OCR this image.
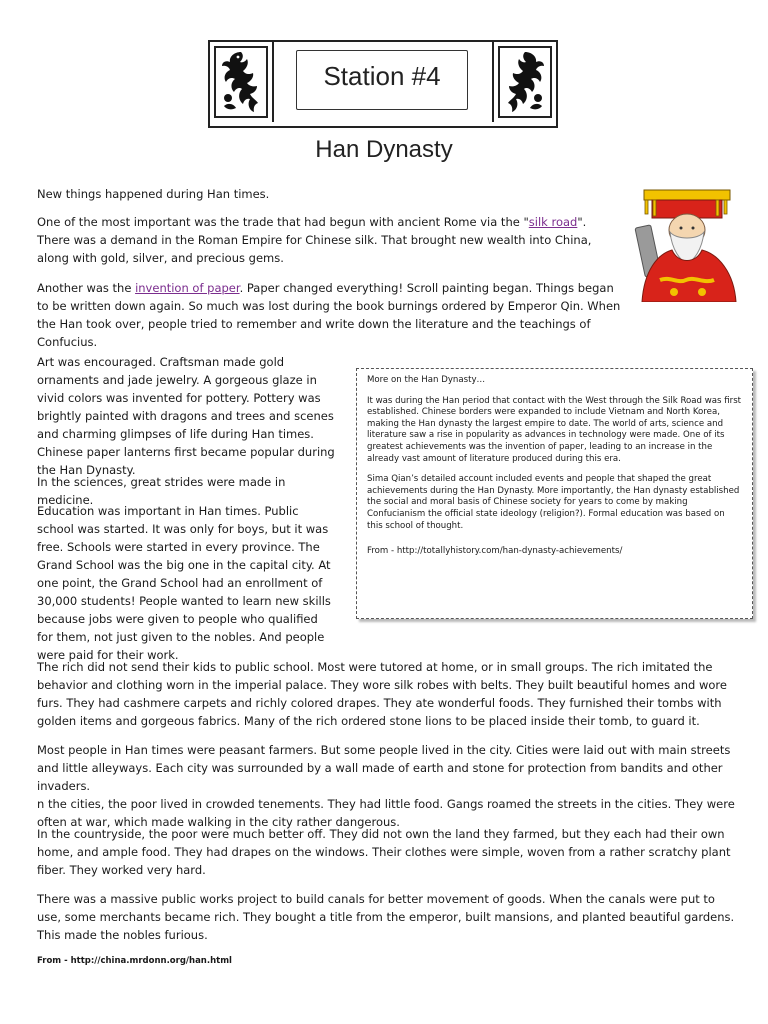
Station #4
Han Dynasty

New things happened during Han times.

One of the most important was the trade that had begun with ancient Rome via the "silk road". There was a demand in the Roman Empire for Chinese silk. That brought new wealth into China, along with gold, silver, and precious gems.

Another was the invention of paper. Paper changed everything! Scroll painting began. Things began to be written down again. So much was lost during the book burnings ordered by Emperor Qin. When the Han took over, people tried to remember and write down the literature and the teachings of Confucius.

Art was encouraged. Craftsman made gold ornaments and jade jewelry. A gorgeous glaze in vivid colors was invented for pottery. Pottery was brightly painted with dragons and trees and scenes and charming glimpses of life during Han times. Chinese paper lanterns first became popular during the Han Dynasty.

In the sciences, great strides were made in medicine.

Education was important in Han times. Public school was started. It was only for boys, but it was free. Schools were started in every province. The Grand School was the big one in the capital city. At one point, the Grand School had an enrollment of 30,000 students! People wanted to learn new skills because jobs were given to people who qualified for them, not just given to the nobles. And people were paid for their work.

More on the Han Dynasty…

It was during the Han period that contact with the West through the Silk Road was first established. Chinese borders were expanded to include Vietnam and North Korea, making the Han dynasty the largest empire to date. The world of arts, science and literature saw a rise in popularity as advances in technology were made. One of its greatest achievements was the invention of paper, leading to an increase in the already vast amount of literature produced during this era.

Sima Qian’s detailed account included events and people that shaped the great achievements during the Han Dynasty. More importantly, the Han dynasty established the social and moral basis of Chinese society for years to come by making Confucianism the official state ideology (religion?). Formal education was based on this school of thought.

From - http://totallyhistory.com/han-dynasty-achievements/

The rich did not send their kids to public school. Most were tutored at home, or in small groups. The rich imitated the behavior and clothing worn in the imperial palace. They wore silk robes with belts. They built beautiful homes and wore furs. They had cashmere carpets and richly colored drapes. They ate wonderful foods. They furnished their tombs with golden items and gorgeous fabrics. Many of the rich ordered stone lions to be placed inside their tomb, to guard it.

Most people in Han times were peasant farmers. But some people lived in the city. Cities were laid out with main streets and little alleyways. Each city was surrounded by a wall made of earth and stone for protection from bandits and other invaders.
n the cities, the poor lived in crowded tenements. They had little food. Gangs roamed the streets in the cities. They were often at war, which made walking in the city rather dangerous.

In the countryside, the poor were much better off. They did not own the land they farmed, but they each had their own home, and ample food. They had drapes on the windows. Their clothes were simple, woven from a rather scratchy plant fiber. They worked very hard.

There was a massive public works project to build canals for better movement of goods. When the canals were put to use, some merchants became rich. They bought a title from the emperor, built mansions, and planted beautiful gardens. This made the nobles furious.

From - http://china.mrdonn.org/han.html
